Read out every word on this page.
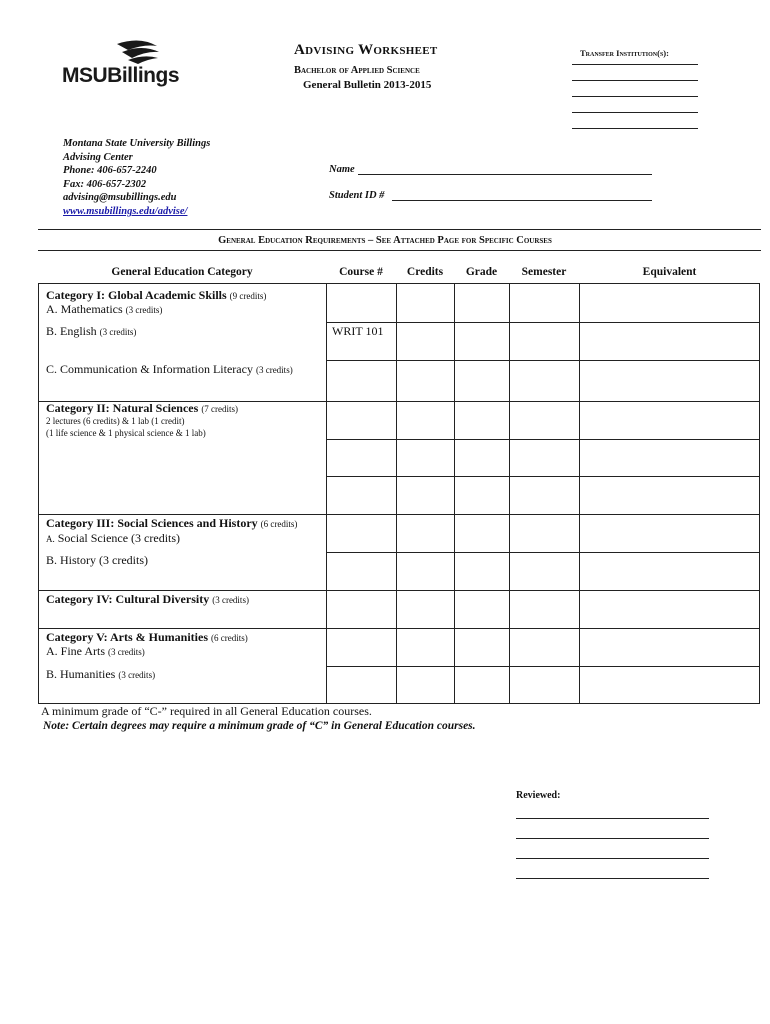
MSUBillings
Advising Worksheet
Bachelor of Applied Science
General Bulletin 2013-2015
Transfer Institution(s):
Montana State University Billings
Advising Center
Phone: 406-657-2240
Fax: 406-657-2302
advising@msubillings.edu
www.msubillings.edu/advise/
Name
Student ID #
General Education Requirements – See Attached Page for Specific Courses
General Education Category	Course #	Credits	Grade	Semester	Equivalent
Category I: Global Academic Skills (9 credits)
A. Mathematics (3 credits)
B. English (3 credits)	WRIT 101
C. Communication & Information Literacy (3 credits)
Category II: Natural Sciences (7 credits)
2 lectures (6 credits) & 1 lab (1 credit)
(1 life science & 1 physical science & 1 lab)
Category III: Social Sciences and History (6 credits)
A. Social Science (3 credits)
B. History (3 credits)
Category IV: Cultural Diversity (3 credits)
Category V: Arts & Humanities (6 credits)
A. Fine Arts (3 credits)
B. Humanities (3 credits)
A minimum grade of “C-” required in all General Education courses.
Note: Certain degrees may require a minimum grade of “C” in General Education courses.
Reviewed:
